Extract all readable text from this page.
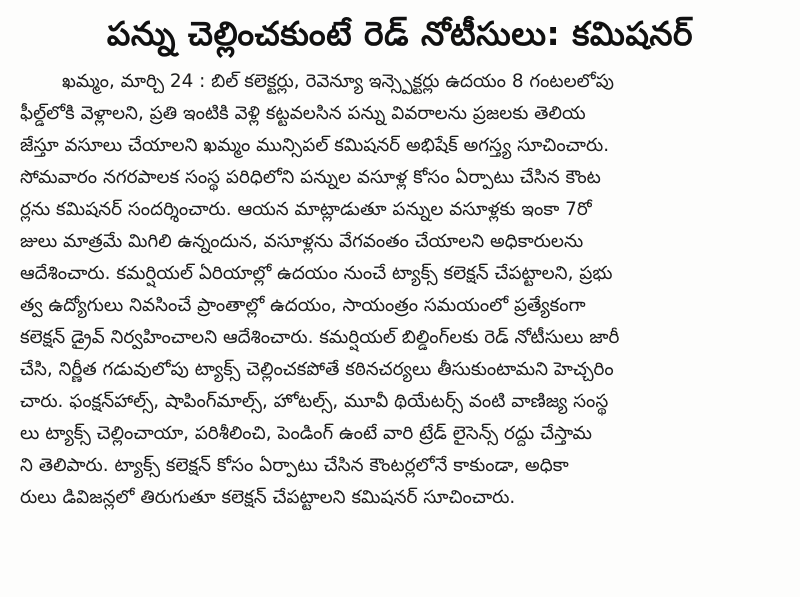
పన్ను చెల్లించకుంటే రెడ్ నోటీసులు: కమిషనర్
ఖమ్మం, మార్చి 24 : బిల్ కలెక్టర్లు, రెవెన్యూ ఇన్స్పెక్టర్లు ఉదయం 8 గంటలలోపు
ఫీల్డ్‌లోకి వెళ్లాలని, ప్రతి ఇంటికి వెళ్లి కట్టవలసిన పన్ను వివరాలను ప్రజలకు తెలియ
జేస్తూ వసూలు చేయాలని ఖమ్మం మున్సిపల్ కమిషనర్ అభిషేక్ అగస్త్య సూచించారు.
సోమవారం నగరపాలక సంస్థ పరిధిలోని పన్నుల వసూళ్ల కోసం ఏర్పాటు చేసిన కౌంట
ర్లను కమిషనర్ సందర్శించారు. ఆయన మాట్లాడుతూ పన్నుల వసూళ్లకు ఇంకా 7రో
జులు మాత్రమే మిగిలి ఉన్నందున, వసూళ్లను వేగవంతం చేయాలని అధికారులను
ఆదేశించారు. కమర్షియల్ ఏరియాల్లో ఉదయం నుంచే ట్యాక్స్ కలెక్షన్ చేపట్టాలని, ప్రభు
త్వ ఉద్యోగులు నివసించే ప్రాంతాల్లో ఉదయం, సాయంత్రం సమయంలో ప్రత్యేకంగా
కలెక్షన్ డ్రైవ్ నిర్వహించాలని ఆదేశించారు. కమర్షియల్ బిల్డింగ్‌లకు రెడ్ నోటీసులు జారీ
చేసి, నిర్ణీత గడువులోపు ట్యాక్స్ చెల్లించకపోతే కఠినచర్యలు తీసుకుంటామని హెచ్చరిం
చారు. ఫంక్షన్‌హాల్స్, షాపింగ్‌మాల్స్, హోటల్స్, మూవీ థియేటర్స్ వంటి వాణిజ్య సంస్థ
లు ట్యాక్స్ చెల్లించాయా, పరిశీలించి, పెండింగ్ ఉంటే వారి ట్రేడ్ లైసెన్స్ రద్దు చేస్తామ
ని తెలిపారు. ట్యాక్స్ కలెక్షన్ కోసం ఏర్పాటు చేసిన కౌంటర్లలోనే కాకుండా, అధికా
రులు డివిజన్లలో తిరుగుతూ కలెక్షన్ చేపట్టాలని కమిషనర్ సూచించారు.
